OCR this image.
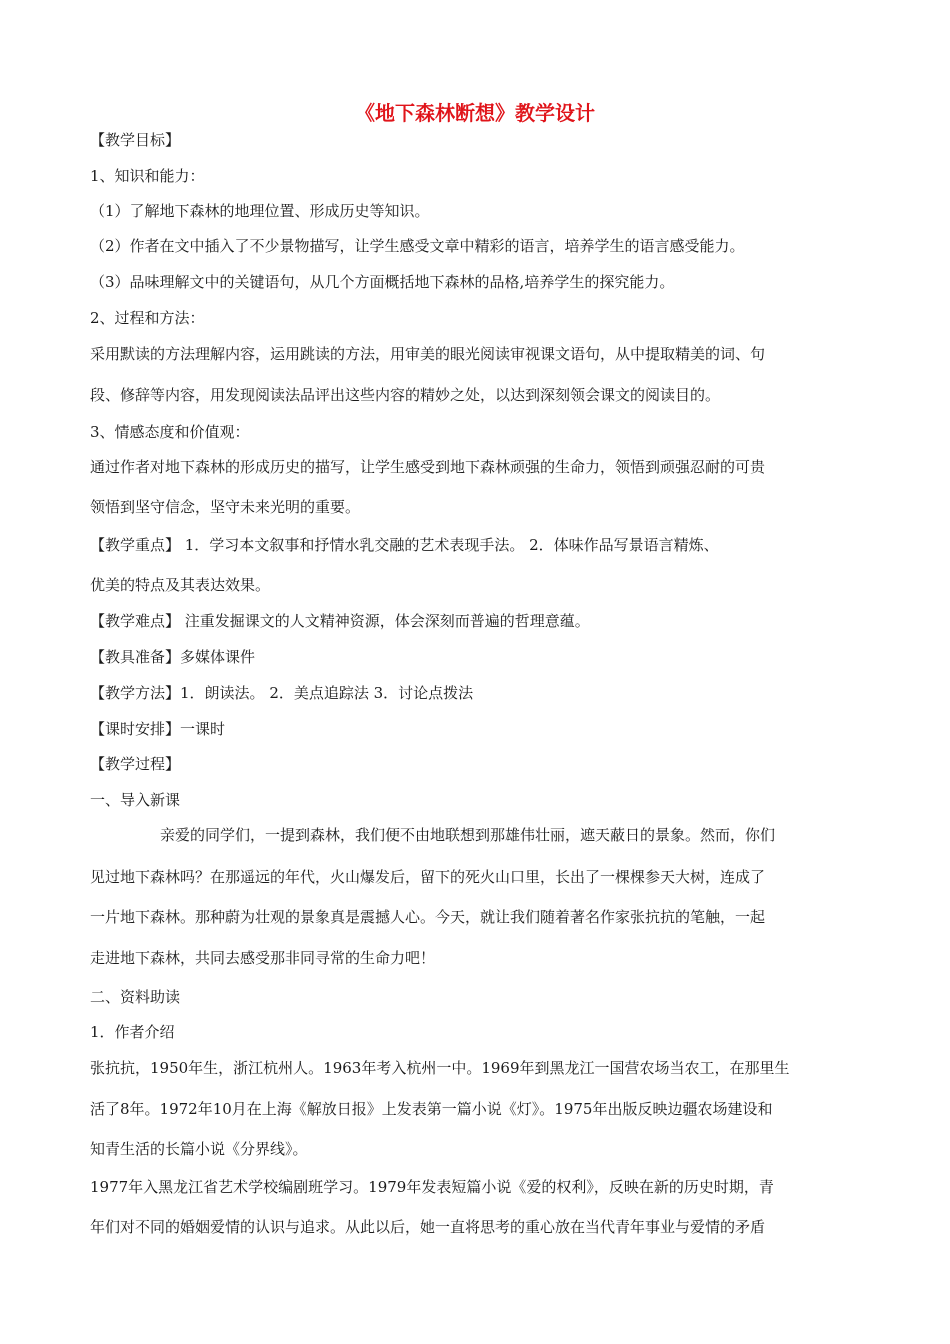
《地下森林断想》教学设计
【教学目标】
1、知识和能力：
（1）了解地下森林的地理位置、形成历史等知识。
（2）作者在文中插入了不少景物描写，让学生感受文章中精彩的语言，培养学生的语言感受能力。
（3）品味理解文中的关键语句，从几个方面概括地下森林的品格,培养学生的探究能力。
2、过程和方法：
采用默读的方法理解内容，运用跳读的方法，用审美的眼光阅读审视课文语句，从中提取精美的词、句
段、修辞等内容，用发现阅读法品评出这些内容的精妙之处，以达到深刻领会课文的阅读目的。
3、情感态度和价值观：
通过作者对地下森林的形成历史的描写，让学生感受到地下森林顽强的生命力，领悟到顽强忍耐的可贵
领悟到坚守信念，坚守未来光明的重要。
【教学重点】 1．学习本文叙事和抒情水乳交融的艺术表现手法。 2．体味作品写景语言精炼、
优美的特点及其表达效果。
【教学难点】 注重发掘课文的人文精神资源，体会深刻而普遍的哲理意蕴。
【教具准备】多媒体课件
【教学方法】1．朗读法。 2．美点追踪法 3．讨论点拨法
【课时安排】一课时
【教学过程】
一、导入新课
亲爱的同学们，一提到森林，我们便不由地联想到那雄伟壮丽，遮天蔽日的景象。然而，你们
见过地下森林吗？在那遥远的年代，火山爆发后，留下的死火山口里，长出了一棵棵参天大树，连成了
一片地下森林。那种蔚为壮观的景象真是震撼人心。今天，就让我们随着著名作家张抗抗的笔触，一起
走进地下森林，共同去感受那非同寻常的生命力吧！
二、资料助读
1．作者介绍
张抗抗，1950年生，浙江杭州人。1963年考入杭州一中。1969年到黑龙江一国营农场当农工，在那里生
活了8年。1972年10月在上海《解放日报》上发表第一篇小说《灯》。1975年出版反映边疆农场建设和
知青生活的长篇小说《分界线》。
1977年入黑龙江省艺术学校编剧班学习。1979年发表短篇小说《爱的权利》，反映在新的历史时期，青
年们对不同的婚姻爱情的认识与追求。从此以后，她一直将思考的重心放在当代青年事业与爱情的矛盾
